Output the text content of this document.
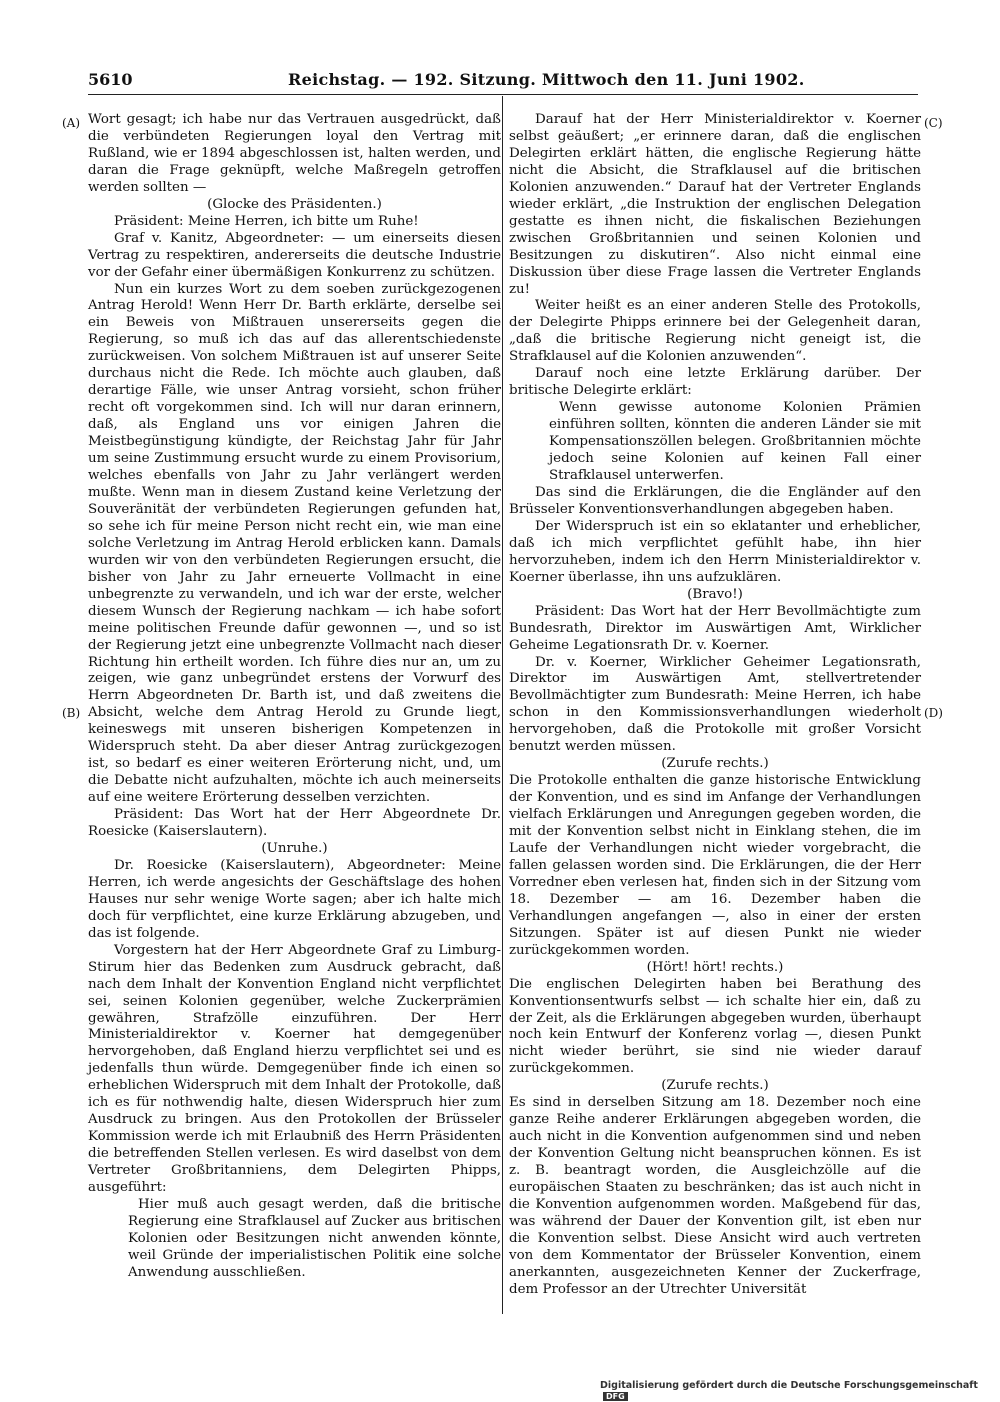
5610	Reichstag. — 192. Sitzung. Mittwoch den 11. Juni 1902.
(A)
(B)
(C)
(D)

Wort gesagt; ich habe nur das Vertrauen ausgedrückt, daß die verbündeten Regierungen loyal den Vertrag mit Rußland, wie er 1894 abgeschlossen ist, halten werden, und daran die Frage geknüpft, welche Maßregeln getroffen werden sollten —

(Glocke des Präsidenten.)

Präsident: Meine Herren, ich bitte um Ruhe!

Graf v. Kanitz, Abgeordneter: — um einerseits diesen Vertrag zu respektiren, andererseits die deutsche Industrie vor der Gefahr einer übermäßigen Konkurrenz zu schützen.

Nun ein kurzes Wort zu dem soeben zurückgezogenen Antrag Herold! Wenn Herr Dr. Barth erklärte, derselbe sei ein Beweis von Mißtrauen unsererseits gegen die Regierung, so muß ich das auf das allerentschiedenste zurückweisen. Von solchem Mißtrauen ist auf unserer Seite durchaus nicht die Rede. Ich möchte auch glauben, daß derartige Fälle, wie unser Antrag vorsieht, schon früher recht oft vorgekommen sind. Ich will nur daran erinnern, daß, als England uns vor einigen Jahren die Meistbegünstigung kündigte, der Reichstag Jahr für Jahr um seine Zustimmung ersucht wurde zu einem Provisorium, welches ebenfalls von Jahr zu Jahr verlängert werden mußte. Wenn man in diesem Zustand keine Verletzung der Souveränität der verbündeten Regierungen gefunden hat, so sehe ich für meine Person nicht recht ein, wie man eine solche Verletzung im Antrag Herold erblicken kann. Damals wurden wir von den verbündeten Regierungen ersucht, die bisher von Jahr zu Jahr erneuerte Vollmacht in eine unbegrenzte zu verwandeln, und ich war der erste, welcher diesem Wunsch der Regierung nachkam — ich habe sofort meine politischen Freunde dafür gewonnen —, und so ist der Regierung jetzt eine unbegrenzte Vollmacht nach dieser Richtung hin ertheilt worden. Ich führe dies nur an, um zu zeigen, wie ganz unbegründet erstens der Vorwurf des Herrn Abgeordneten Dr. Barth ist, und daß zweitens die Absicht, welche dem Antrag Herold zu Grunde liegt, keineswegs mit unseren bisherigen Kompetenzen in Widerspruch steht. Da aber dieser Antrag zurückgezogen ist, so bedarf es einer weiteren Erörterung nicht, und, um die Debatte nicht aufzuhalten, möchte ich auch meinerseits auf eine weitere Erörterung desselben verzichten.

Präsident: Das Wort hat der Herr Abgeordnete Dr. Roesicke (Kaiserslautern).

(Unruhe.)

Dr. Roesicke (Kaiserslautern), Abgeordneter: Meine Herren, ich werde angesichts der Geschäftslage des hohen Hauses nur sehr wenige Worte sagen; aber ich halte mich doch für verpflichtet, eine kurze Erklärung abzugeben, und das ist folgende.

Vorgestern hat der Herr Abgeordnete Graf zu Limburg-Stirum hier das Bedenken zum Ausdruck gebracht, daß nach dem Inhalt der Konvention England nicht verpflichtet sei, seinen Kolonien gegenüber, welche Zuckerprämien gewähren, Strafzölle einzuführen. Der Herr Ministerialdirektor v. Koerner hat demgegenüber hervorgehoben, daß England hierzu verpflichtet sei und es jedenfalls thun würde. Demgegenüber finde ich einen so erheblichen Widerspruch mit dem Inhalt der Protokolle, daß ich es für nothwendig halte, diesen Widerspruch hier zum Ausdruck zu bringen. Aus den Protokollen der Brüsseler Kommission werde ich mit Erlaubniß des Herrn Präsidenten die betreffenden Stellen verlesen. Es wird daselbst von dem Vertreter Großbritanniens, dem Delegirten Phipps, ausgeführt:

Hier muß auch gesagt werden, daß die britische Regierung eine Strafklausel auf Zucker aus britischen Kolonien oder Besitzungen nicht anwenden könnte, weil Gründe der imperialistischen Politik eine solche Anwendung ausschließen.

Darauf hat der Herr Ministerialdirektor v. Koerner selbst geäußert; „er erinnere daran, daß die englischen Delegirten erklärt hätten, die englische Regierung hätte nicht die Absicht, die Strafklausel auf die britischen Kolonien anzuwenden.“ Darauf hat der Vertreter Englands wieder erklärt, „die Instruktion der englischen Delegation gestatte es ihnen nicht, die fiskalischen Beziehungen zwischen Großbritannien und seinen Kolonien und Besitzungen zu diskutiren“. Also nicht einmal eine Diskussion über diese Frage lassen die Vertreter Englands zu!

Weiter heißt es an einer anderen Stelle des Protokolls, der Delegirte Phipps erinnere bei der Gelegenheit daran, „daß die britische Regierung nicht geneigt ist, die Strafklausel auf die Kolonien anzuwenden“.

Darauf noch eine letzte Erklärung darüber. Der britische Delegirte erklärt:

Wenn gewisse autonome Kolonien Prämien einführen sollten, könnten die anderen Länder sie mit Kompensationszöllen belegen. Großbritannien möchte jedoch seine Kolonien auf keinen Fall einer Strafklausel unterwerfen.

Das sind die Erklärungen, die die Engländer auf den Brüsseler Konventionsverhandlungen abgegeben haben.

Der Widerspruch ist ein so eklatanter und erheblicher, daß ich mich verpflichtet gefühlt habe, ihn hier hervorzuheben, indem ich den Herrn Ministerialdirektor v. Koerner überlasse, ihn uns aufzuklären.

(Bravo!)

Präsident: Das Wort hat der Herr Bevollmächtigte zum Bundesrath, Direktor im Auswärtigen Amt, Wirklicher Geheime Legationsrath Dr. v. Koerner.

Dr. v. Koerner, Wirklicher Geheimer Legationsrath, Direktor im Auswärtigen Amt, stellvertretender Bevollmächtigter zum Bundesrath: Meine Herren, ich habe schon in den Kommissionsverhandlungen wiederholt hervorgehoben, daß die Protokolle mit großer Vorsicht benutzt werden müssen.

(Zurufe rechts.)

Die Protokolle enthalten die ganze historische Entwicklung der Konvention, und es sind im Anfange der Verhandlungen vielfach Erklärungen und Anregungen gegeben worden, die mit der Konvention selbst nicht in Einklang stehen, die im Laufe der Verhandlungen nicht wieder vorgebracht, die fallen gelassen worden sind. Die Erklärungen, die der Herr Vorredner eben verlesen hat, finden sich in der Sitzung vom 18. Dezember — am 16. Dezember haben die Verhandlungen angefangen —, also in einer der ersten Sitzungen. Später ist auf diesen Punkt nie wieder zurückgekommen worden.

(Hört! hört! rechts.)

Die englischen Delegirten haben bei Berathung des Konventionsentwurfs selbst — ich schalte hier ein, daß zu der Zeit, als die Erklärungen abgegeben wurden, überhaupt noch kein Entwurf der Konferenz vorlag —, diesen Punkt nicht wieder berührt, sie sind nie wieder darauf zurückgekommen.

(Zurufe rechts.)

Es sind in derselben Sitzung am 18. Dezember noch eine ganze Reihe anderer Erklärungen abgegeben worden, die auch nicht in die Konvention aufgenommen sind und neben der Konvention Geltung nicht beanspruchen können. Es ist z. B. beantragt worden, die Ausgleichzölle auf die europäischen Staaten zu beschränken; das ist auch nicht in die Konvention aufgenommen worden. Maßgebend für das, was während der Dauer der Konvention gilt, ist eben nur die Konvention selbst. Diese Ansicht wird auch vertreten von dem Kommentator der Brüsseler Konvention, einem anerkannten, ausgezeichneten Kenner der Zuckerfrage, dem Professor an der Utrechter Universität

Digitalisierung gefördert durch die Deutsche Forschungsgemeinschaft DFG
